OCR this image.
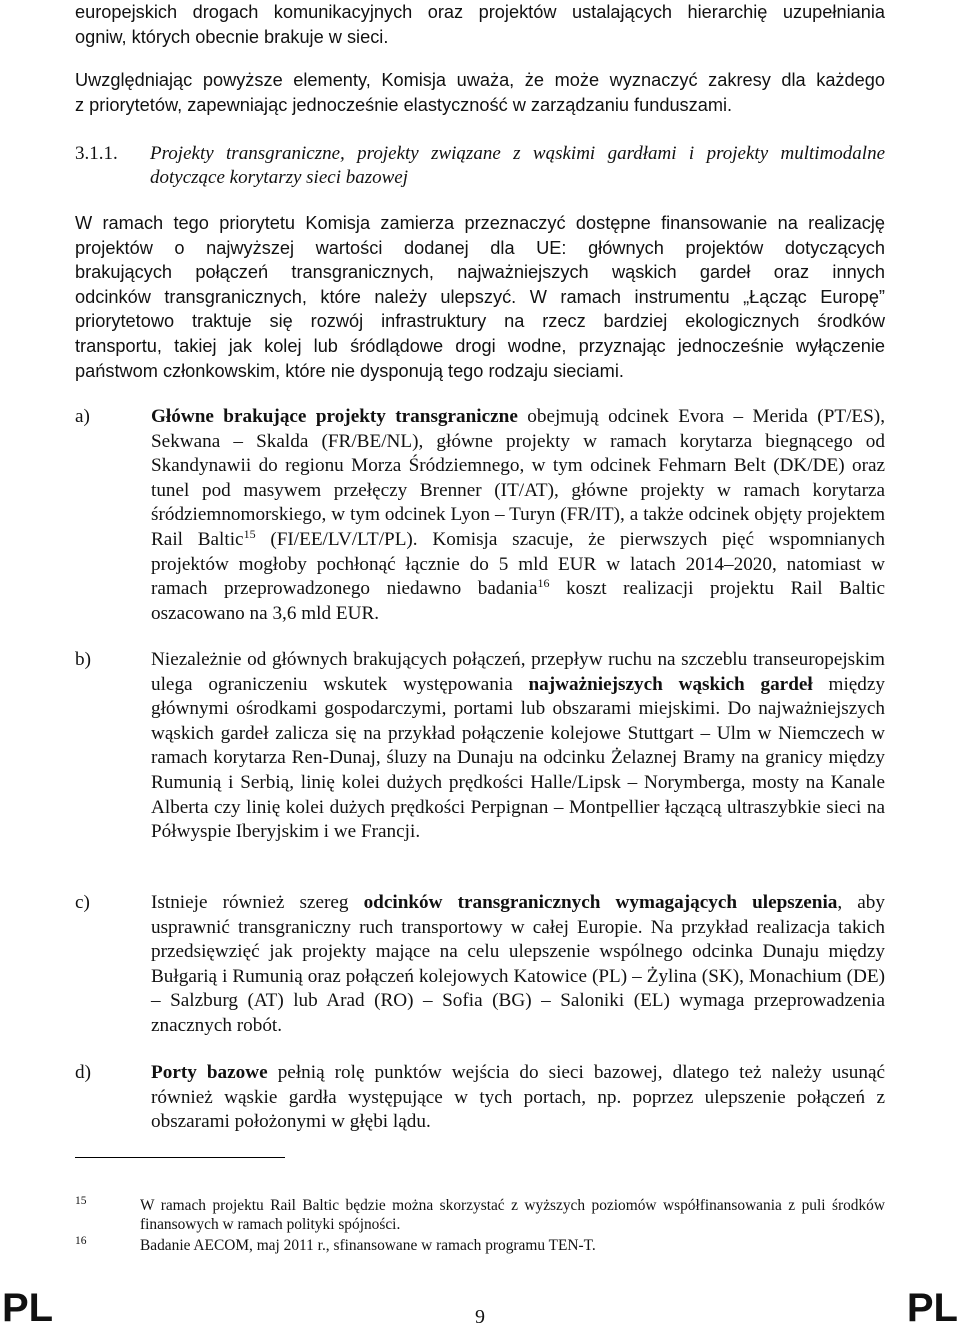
europejskich drogach komunikacyjnych oraz projektów ustalających hierarchię uzupełniania
ogniw, których obecnie brakuje w sieci.
Uwzględniając powyższe elementy, Komisja uważa, że może wyznaczyć zakresy dla każdego
z priorytetów, zapewniając jednocześnie elastyczność w zarządzaniu funduszami.
3.1.1. Projekty transgraniczne, projekty związane z wąskimi gardłami i projekty multimodalne dotyczące korytarzy sieci bazowej
W ramach tego priorytetu Komisja zamierza przeznaczyć dostępne finansowanie na realizację
projektów o najwyższej wartości dodanej dla UE: głównych projektów dotyczących
brakujących połączeń transgranicznych, najważniejszych wąskich gardeł oraz innych
odcinków transgranicznych, które należy ulepszyć. W ramach instrumentu „Łącząc Europę”
priorytetowo traktuje się rozwój infrastruktury na rzecz bardziej ekologicznych środków
transportu, takiej jak kolej lub śródlądowe drogi wodne, przyznając jednocześnie wyłączenie
państwom członkowskim, które nie dysponują tego rodzaju sieciami.
a)	Główne brakujące projekty transgraniczne obejmują odcinek Evora – Merida (PT/ES), Sekwana – Skalda (FR/BE/NL), główne projekty w ramach korytarza biegnącego od Skandynawii do regionu Morza Śródziemnego, w tym odcinek Fehmarn Belt (DK/DE) oraz tunel pod masywem przełęczy Brenner (IT/AT), główne projekty w ramach korytarza śródziemnomorskiego, w tym odcinek Lyon – Turyn (FR/IT), a także odcinek objęty projektem Rail Baltic$^{15}$ (FI/EE/LV/LT/PL). Komisja szacuje, że pierwszych pięć wspomnianych projektów mogłoby pochłonąć łącznie do 5 mld EUR w latach 2014–2020, natomiast w ramach przeprowadzonego niedawno badania$^{16}$ koszt realizacji projektu Rail Baltic oszacowano na 3,6 mld EUR.
b)	Niezależnie od głównych brakujących połączeń, przepływ ruchu na szczeblu transeuropejskim ulega ograniczeniu wskutek występowania najważniejszych wąskich gardeł między głównymi ośrodkami gospodarczymi, portami lub obszarami miejskimi. Do najważniejszych wąskich gardeł zalicza się na przykład połączenie kolejowe Stuttgart – Ulm w Niemczech w ramach korytarza Ren-Dunaj, śluzy na Dunaju na odcinku Żelaznej Bramy na granicy między Rumunią i Serbią, linię kolei dużych prędkości Halle/Lipsk – Norymberga, mosty na Kanale Alberta czy linię kolei dużych prędkości Perpignan – Montpellier łączącą ultraszybkie sieci na Półwyspie Iberyjskim i we Francji.
c)	Istnieje również szereg odcinków transgranicznych wymagających ulepszenia, aby usprawnić transgraniczny ruch transportowy w całej Europie. Na przykład realizacja takich przedsięwzięć jak projekty mające na celu ulepszenie wspólnego odcinka Dunaju między Bułgarią i Rumunią oraz połączeń kolejowych Katowice (PL) – Żylina (SK), Monachium (DE) – Salzburg (AT) lub Arad (RO) – Sofia (BG) – Saloniki (EL) wymaga przeprowadzenia znacznych robót.
d)	Porty bazowe pełnią rolę punktów wejścia do sieci bazowej, dlatego też należy usunąć również wąskie gardła występujące w tych portach, np. poprzez ulepszenie połączeń z obszarami położonymi w głębi lądu.
15	W ramach projektu Rail Baltic będzie można skorzystać z wyższych poziomów współfinansowania z puli środków finansowych w ramach polityki spójności.
16	Badanie AECOM, maj 2011 r., sfinansowane w ramach programu TEN-T.
PL	9	PL
